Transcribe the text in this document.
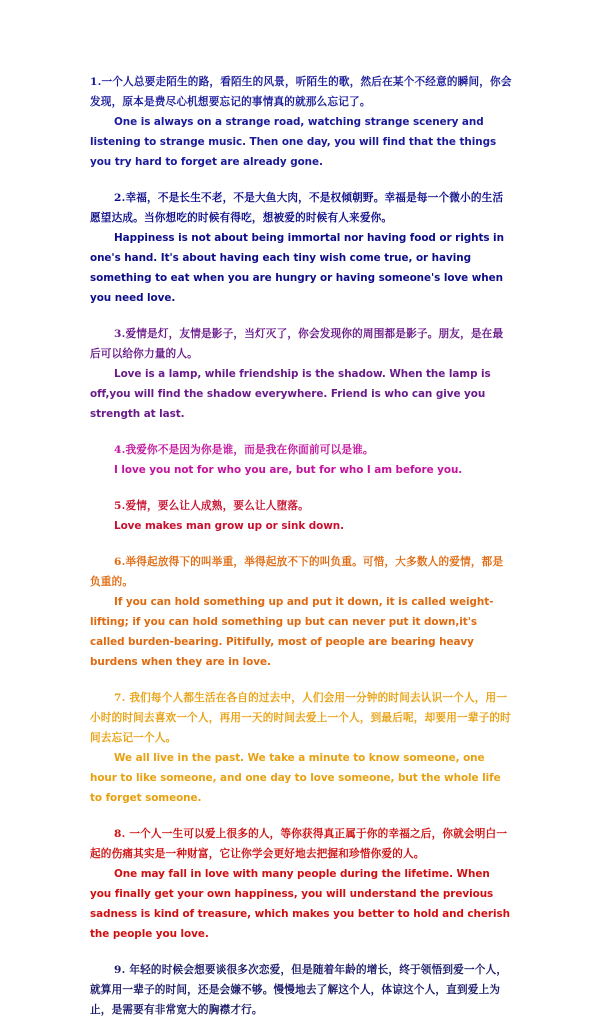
1.一个人总要走陌生的路，看陌生的风景，听陌生的歌，然后在某个不经意的瞬间，你会发现，原本是费尽心机想要忘记的事情真的就那么忘记了。

One is always on a strange road, watching strange scenery and listening to strange music. Then one day, you will find that the things you try hard to forget are already gone.

2.幸福，不是长生不老，不是大鱼大肉，不是权倾朝野。幸福是每一个微小的生活愿望达成。当你想吃的时候有得吃，想被爱的时候有人来爱你。

Happiness is not about being immortal nor having food or rights in one's hand. It's about having each tiny wish come true, or having something to eat when you are hungry or having someone's love when you need love.

3.爱情是灯，友情是影子，当灯灭了，你会发现你的周围都是影子。朋友，是在最后可以给你力量的人。

Love is a lamp, while friendship is the shadow. When the lamp is off,you will find the shadow everywhere. Friend is who can give you strength at last.

4.我爱你不是因为你是谁，而是我在你面前可以是谁。

I love you not for who you are, but for who I am before you.

5.爱情，要么让人成熟，要么让人堕落。

Love makes man grow up or sink down.

6.举得起放得下的叫举重，举得起放不下的叫负重。可惜，大多数人的爱情，都是负重的。

If you can hold something up and put it down, it is called weight-lifting; if you can hold something up but can never put it down,it's called burden-bearing. Pitifully, most of people are bearing heavy burdens when they are in love.

7. 我们每个人都生活在各自的过去中，人们会用一分钟的时间去认识一个人，用一小时的时间去喜欢一个人，再用一天的时间去爱上一个人，到最后呢，却要用一辈子的时间去忘记一个人。

We all live in the past. We take a minute to know someone, one hour to like someone, and one day to love someone, but the whole life to forget someone.

8. 一个人一生可以爱上很多的人，等你获得真正属于你的幸福之后，你就会明白一起的伤痛其实是一种财富，它让你学会更好地去把握和珍惜你爱的人。

One may fall in love with many people during the lifetime. When you finally get your own happiness, you will understand the previous sadness is kind of treasure, which makes you better to hold and cherish the people you love.

9. 年轻的时候会想要谈很多次恋爱，但是随着年龄的增长，终于领悟到爱一个人，就算用一辈子的时间，还是会嫌不够。慢慢地去了解这个人，体谅这个人，直到爱上为止，是需要有非常宽大的胸襟才行。
